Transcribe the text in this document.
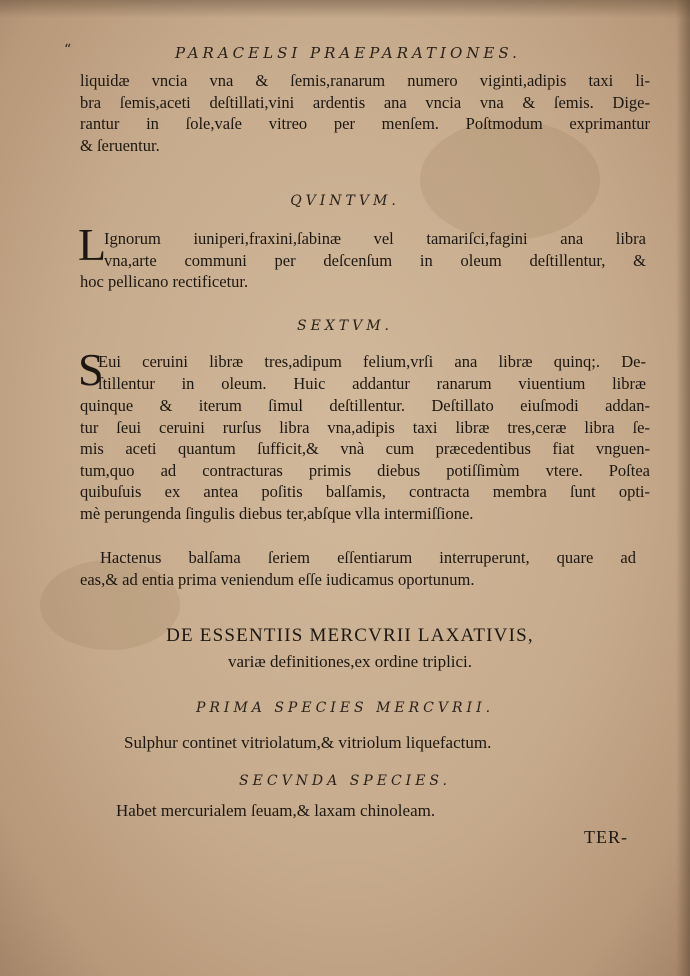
“	PARACELSI PRAEPARATIONES.
liquidæ vncia vna & ſemis,ranarum numero viginti,adipis taxi li-
bra ſemis,aceti deſtillati,vini ardentis ana vncia vna & ſemis. Dige-
rantur in ſole,vaſe vitreo per menſem. Poſtmodum exprimantur
& ſeruentur.
QVINTVM.
L
Ignorum iuniperi,fraxini,ſabinæ vel tamariſci,fagini ana libra
vna,arte communi per deſcenſum in oleum deſtillentur, &
hoc pellicano rectificetur.
SEXTVM.
S
Eui ceruini libræ tres,adipum felium,vrſi ana libræ quinq;. De-
ſtillentur in oleum. Huic addantur ranarum viuentium libræ
quinque & iterum ſimul deſtillentur. Deſtillato eiuſmodi addan-
tur ſeui ceruini rurſus libra vna,adipis taxi libræ tres,ceræ libra ſe-
mis aceti quantum ſufficit,& vnà cum præcedentibus fiat vnguen-
tum,quo ad contracturas primis diebus potiſſimùm vtere. Poſtea
quibuſuis ex antea poſitis balſamis, contracta membra ſunt opti-
mè perungenda ſingulis diebus ter,abſque vlla intermiſſione.
Hactenus balſama ſeriem eſſentiarum interruperunt, quare ad
eas,& ad entia prima veniendum eſſe iudicamus oportunum.
DE ESSENTIIS MERCVRII LAXATIVIS,
variæ definitiones,ex ordine triplici.
PRIMA SPECIES MERCVRII.
Sulphur continet vitriolatum,& vitriolum liquefactum.
SECVNDA SPECIES.
Habet mercurialem ſeuam,& laxam chinoleam.
TER-
